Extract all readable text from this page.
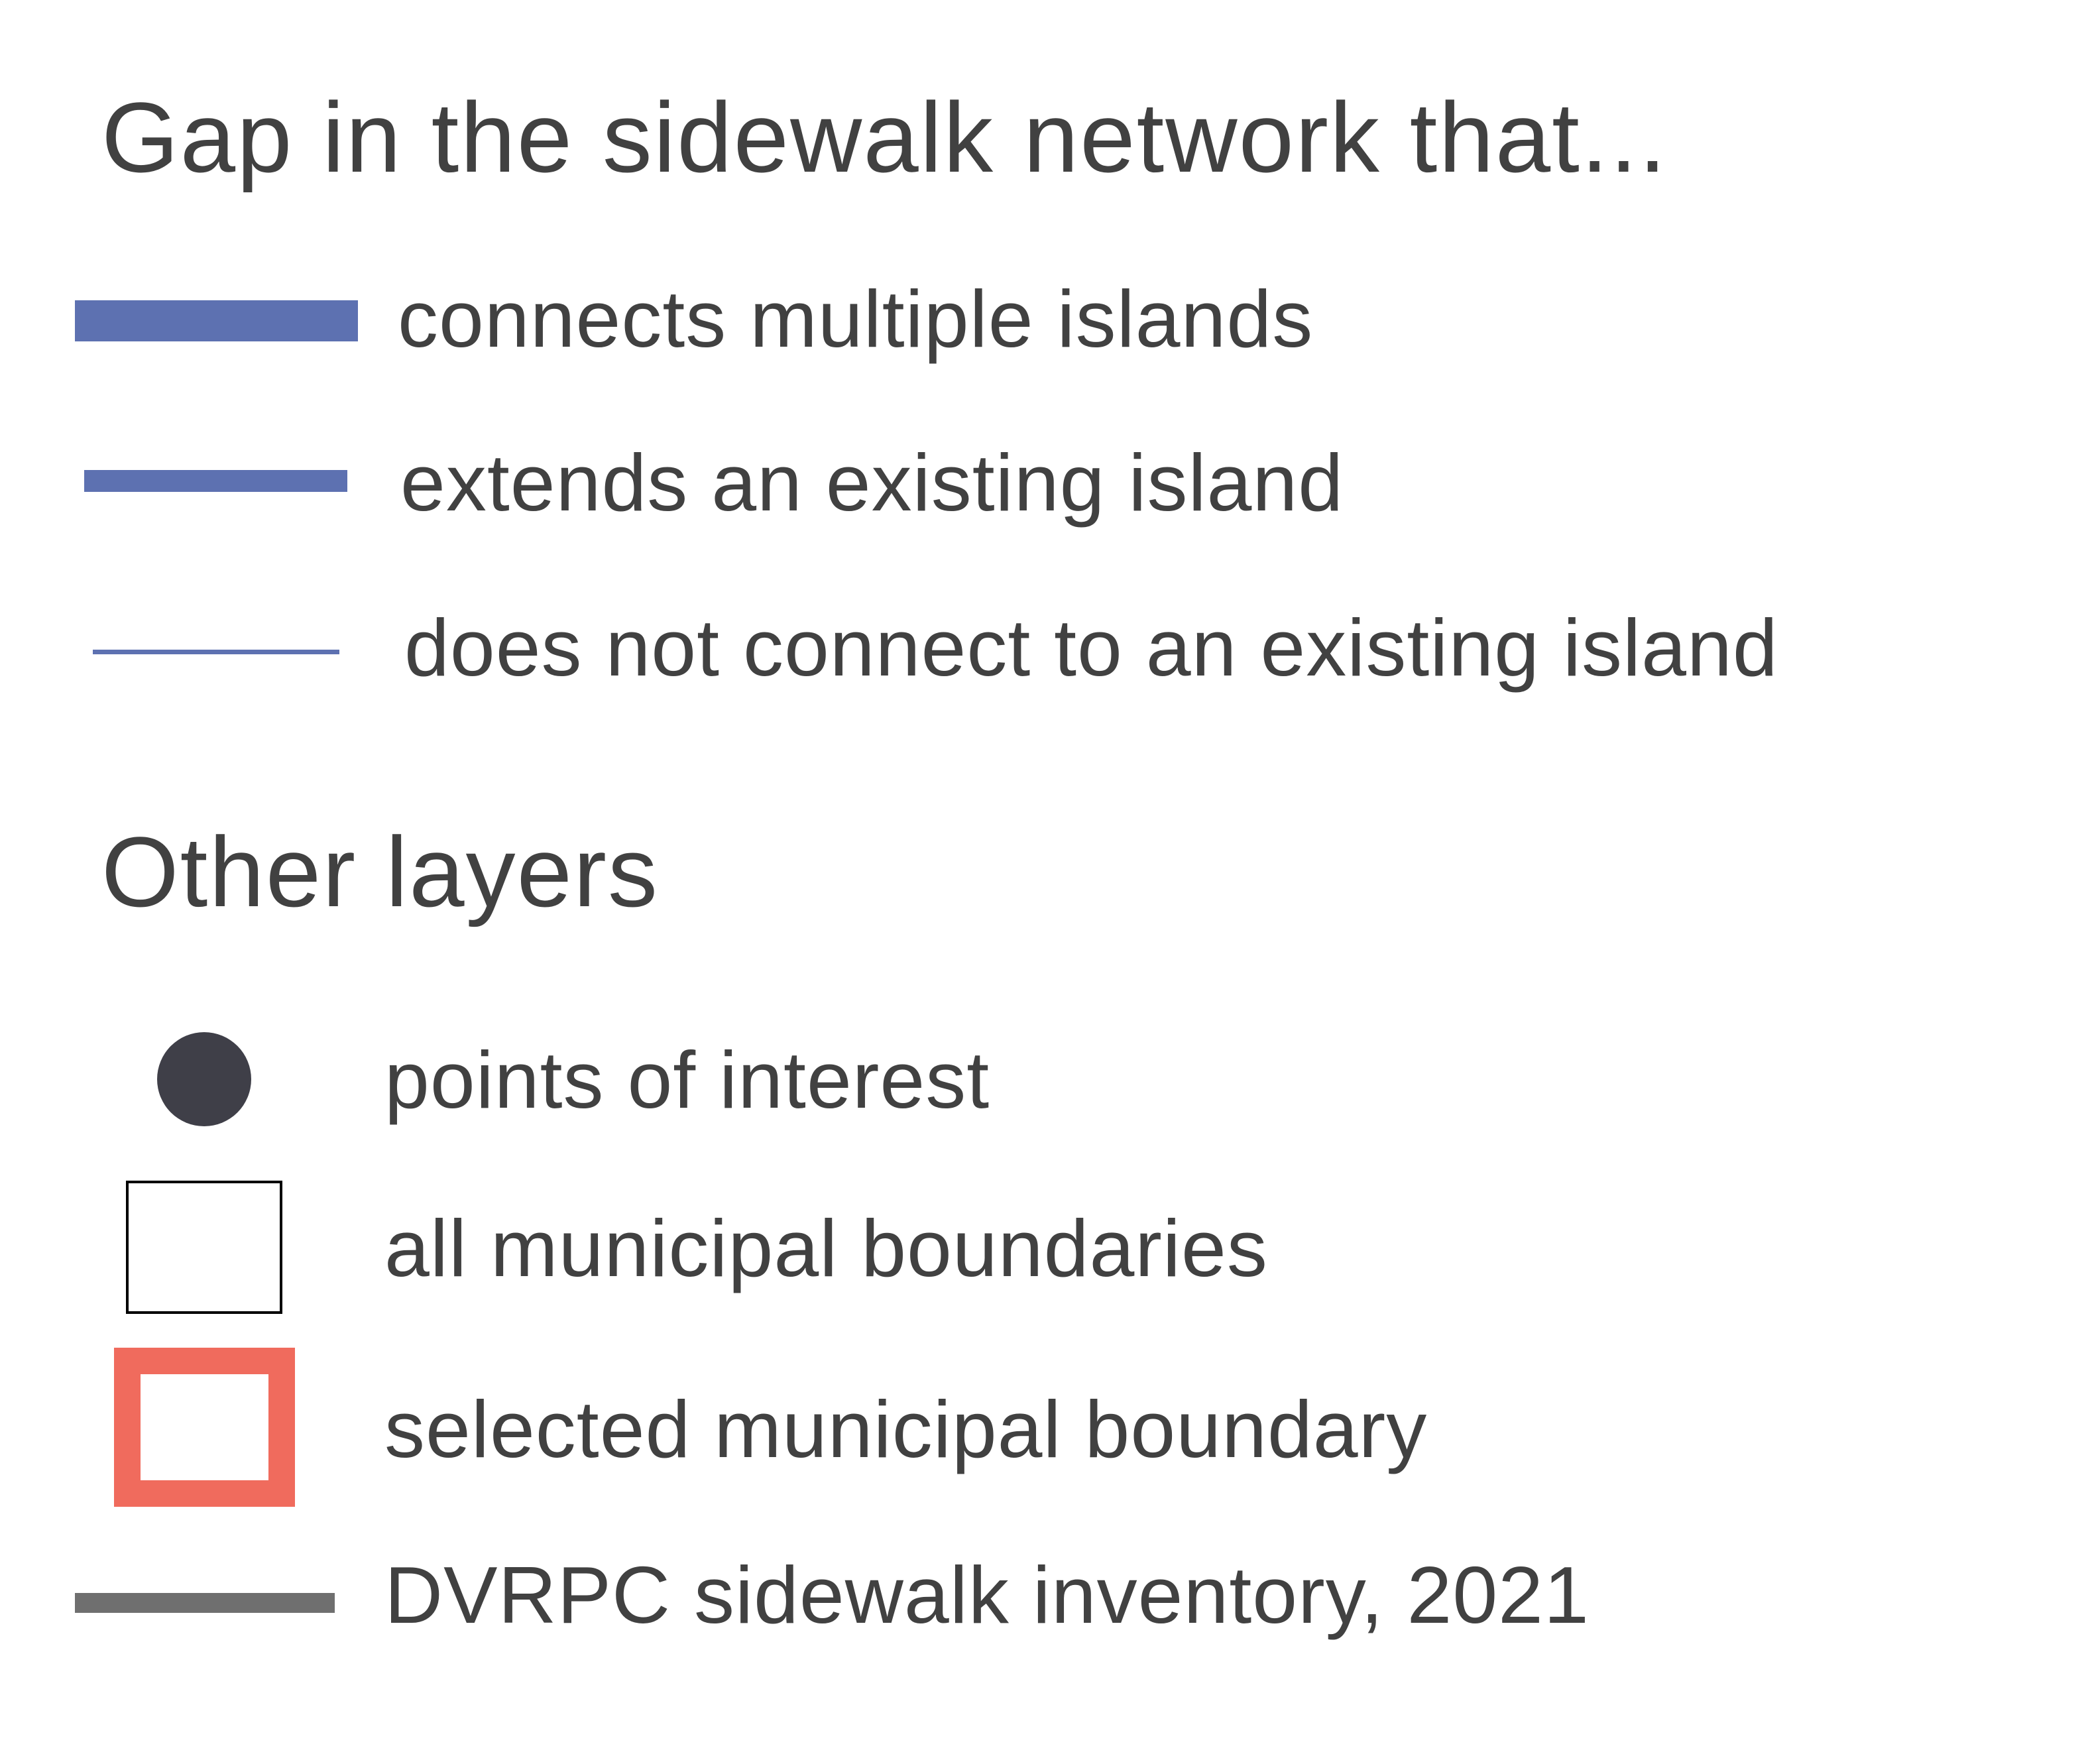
Gap in the sidewalk network that...
connects multiple islands
extends an existing island
does not connect to an existing island
Other layers
points of interest
all municipal boundaries
selected municipal boundary
DVRPC sidewalk inventory, 2021
